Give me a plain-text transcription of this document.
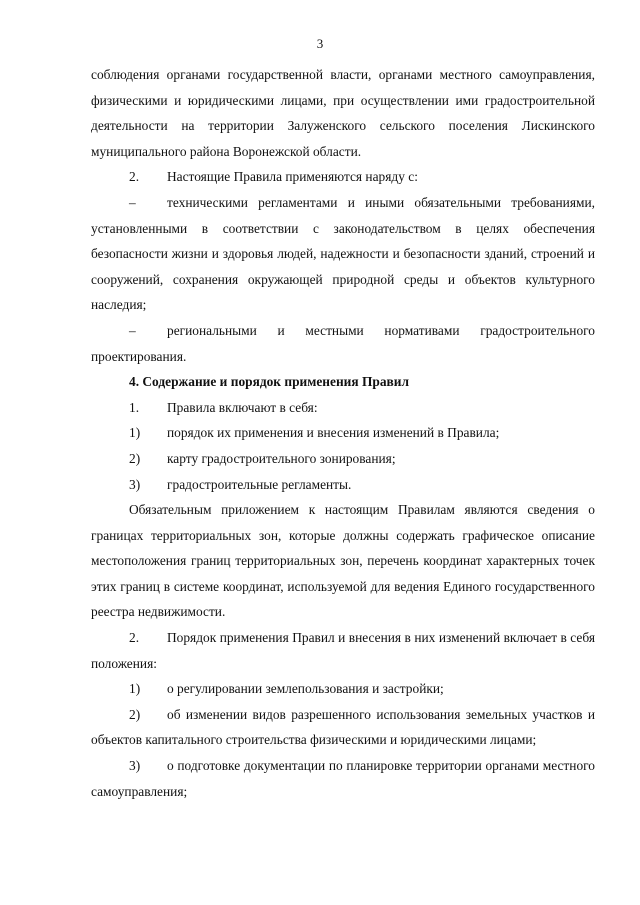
3

соблюдения органами государственной власти, органами местного самоуправления, физическими и юридическими лицами, при осуществлении ими градостроительной деятельности на территории Залуженского сельского поселения Лискинского муниципального района Воронежской области.

2. Настоящие Правила применяются наряду с:

– техническими регламентами и иными обязательными требованиями, установленными в соответствии с законодательством в целях обеспечения безопасности жизни и здоровья людей, надежности и безопасности зданий, строений и сооружений, сохранения окружающей природной среды и объектов культурного наследия;

– региональными и местными нормативами градостроительного проектирования.

4. Содержание и порядок применения Правил

1. Правила включают в себя:

1) порядок их применения и внесения изменений в Правила;

2) карту градостроительного зонирования;

3) градостроительные регламенты.

Обязательным приложением к настоящим Правилам являются сведения о границах территориальных зон, которые должны содержать графическое описание местоположения границ территориальных зон, перечень координат характерных точек этих границ в системе координат, используемой для ведения Единого государственного реестра недвижимости.

2. Порядок применения Правил и внесения в них изменений включает в себя положения:

1) о регулировании землепользования и застройки;

2) об изменении видов разрешенного использования земельных участков и объектов капитального строительства физическими и юридическими лицами;

3) о подготовке документации по планировке территории органами местного самоуправления;
